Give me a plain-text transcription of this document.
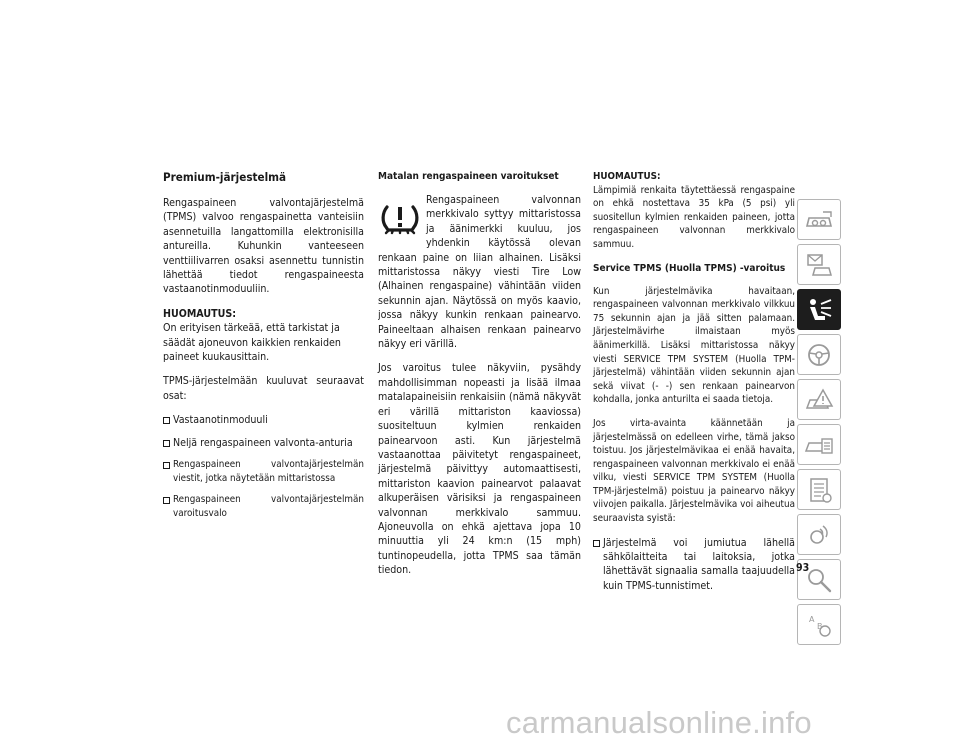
Premium-järjestelmä

Rengaspaineen valvontajärjestelmä (TPMS) valvoo rengaspainetta vanteisiin asennetuilla langattomilla elektronisilla antureilla. Kuhunkin vanteeseen venttiilivarren osaksi asennettu tunnistin lähettää tiedot rengaspaineesta vastaanotinmoduuliin.

HUOMAUTUS:
On erityisen tärkeää, että tarkistat ja säädät ajoneuvon kaikkien renkaiden paineet kuukausittain.

TPMS-järjestelmään kuuluvat seuraavat osat:

Vastaanotinmoduuli
Neljä rengaspaineen valvonta-anturia
Rengaspaineen valvontajärjestelmän viestit, jotka näytetään mittaristossa
Rengaspaineen valvontajärjestelmän varoitusvalo
Matalan rengaspaineen varoitukset

Rengaspaineen valvonnan merkkivalo syttyy mittaristossa ja äänimerkki kuuluu, jos yhdenkin käytössä olevan renkaan paine on liian alhainen. Lisäksi mittaristossa näkyy viesti Tire Low (Alhainen rengaspaine) vähintään viiden sekunnin ajan. Näytössä on myös kaavio, jossa näkyy kunkin renkaan painearvo. Paineeltaan alhaisen renkaan painearvo näkyy eri värillä.

Jos varoitus tulee näkyviin, pysähdy mahdollisimman nopeasti ja lisää ilmaa matalapaineisiin renkaisiin (nämä näkyvät eri värillä mittariston kaaviossa) suositeltuun kylmien renkaiden painearvoon asti. Kun järjestelmä vastaanottaa päivitetyt rengaspaineet, järjestelmä päivittyy automaattisesti, mittariston kaavion painearvot palaavat alkuperäisen värisiksi ja rengaspaineen valvonnan merkkivalo sammuu. Ajoneuvolla on ehkä ajettava jopa 10 minuuttia yli 24 km:n (15 mph) tuntinopeudella, jotta TPMS saa tämän tiedon.

HUOMAUTUS:
Lämpimiä renkaita täytettäessä rengaspaine on ehkä nostettava 35 kPa (5 psi) yli suositellun kylmien renkaiden paineen, jotta rengaspaineen valvonnan merkkivalo sammuu.

Service TPMS (Huolla TPMS) -varoitus

Kun järjestelmävika havaitaan, rengaspaineen valvonnan merkkivalo vilkkuu 75 sekunnin ajan ja jää sitten palamaan. Järjestelmävirhe ilmaistaan myös äänimerkillä. Lisäksi mittaristossa näkyy viesti SERVICE TPM SYSTEM (Huolla TPM-järjestelmä) vähintään viiden sekunnin ajan sekä viivat (- -) sen renkaan painearvon kohdalla, jonka anturilta ei saada tietoja.

Jos virta-avainta käännetään ja järjestelmässä on edelleen virhe, tämä jakso toistuu. Jos järjestelmävikaa ei enää havaita, rengaspaineen valvonnan merkkivalo ei enää vilku, viesti SERVICE TPM SYSTEM (Huolla TPM-järjestelmä) poistuu ja painearvo näkyy viivojen paikalla. Järjestelmävika voi aiheutua seuraavista syistä:

Järjestelmä voi jumiutua lähellä sähkölaitteita tai laitoksia, jotka lähettävät signaalia samalla taajuudella kuin TPMS-tunnistimet.
A
B
93
carmanualsonline.info
